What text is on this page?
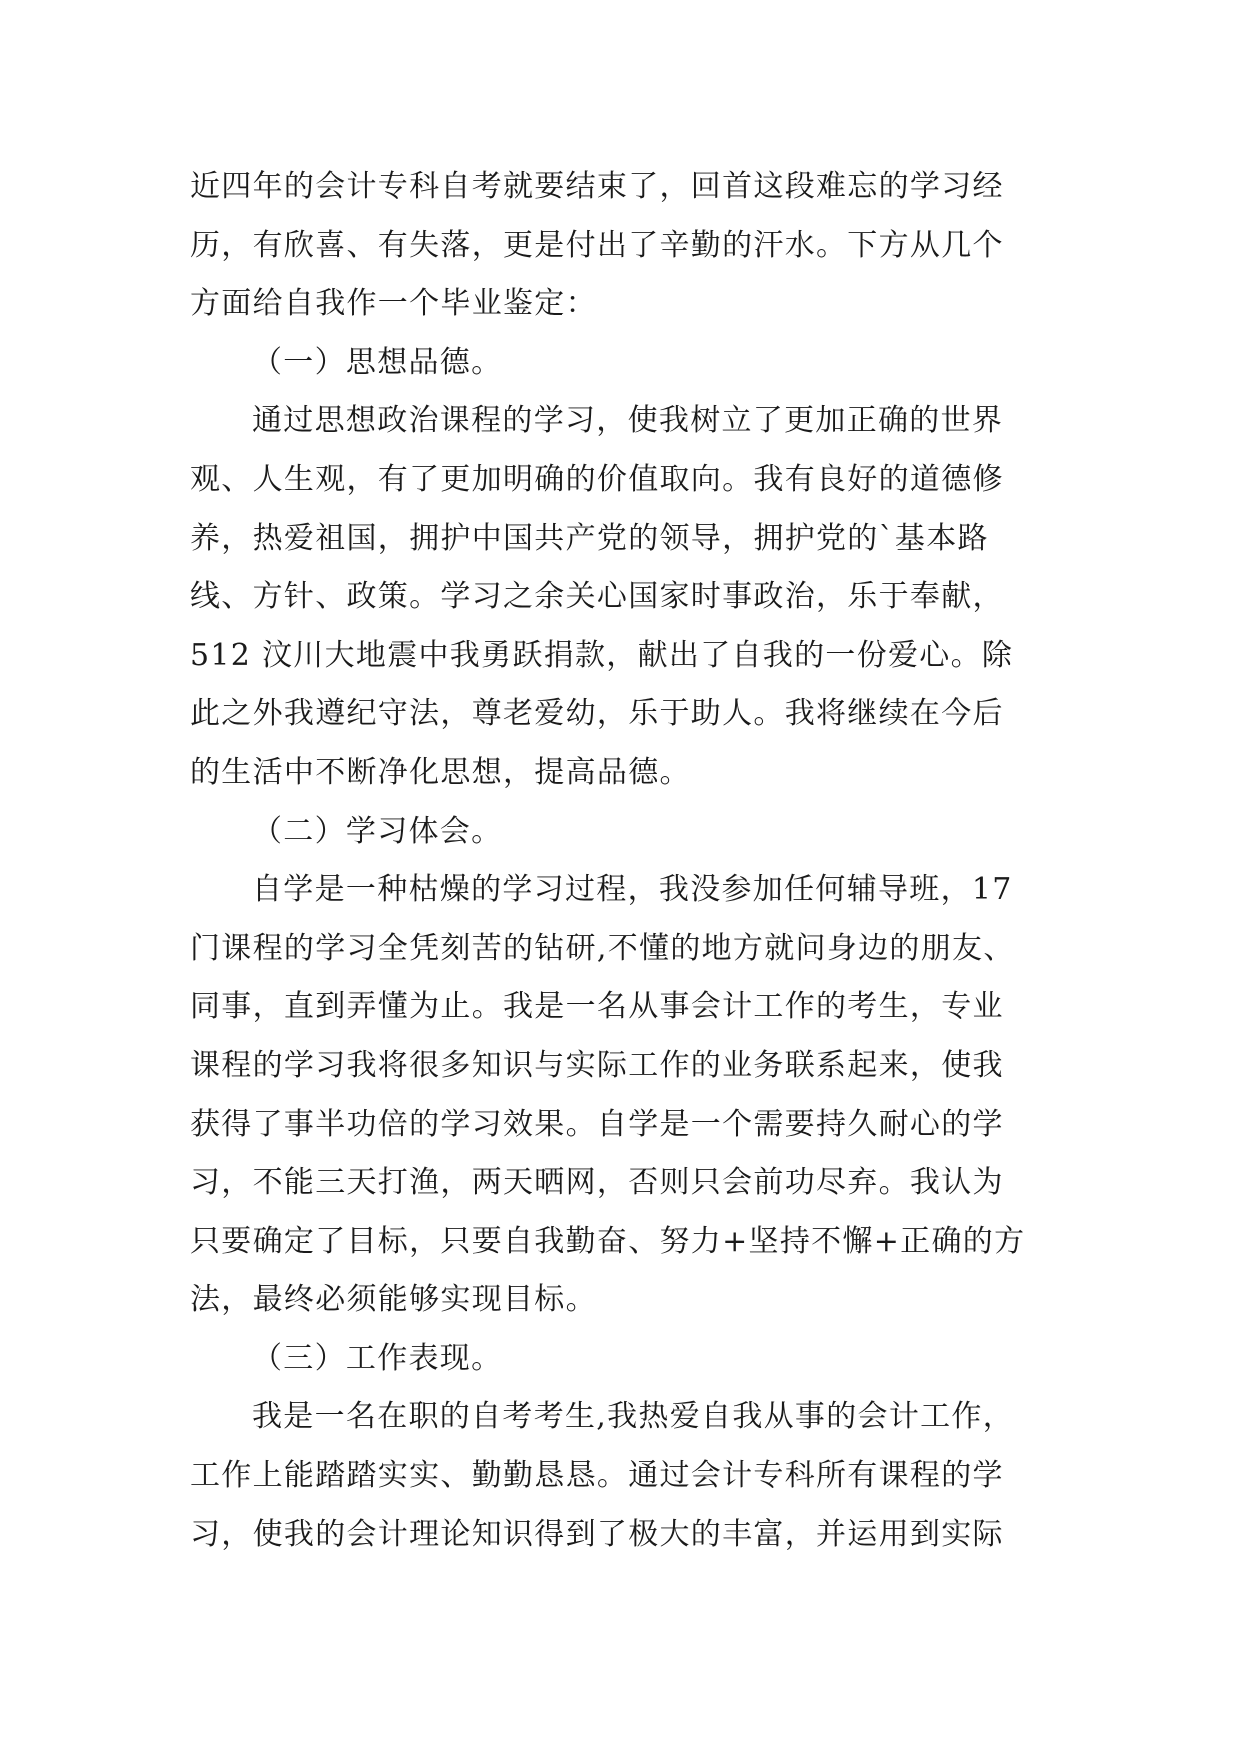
近四年的会计专科自考就要结束了，回首这段难忘的学习经
历，有欣喜、有失落，更是付出了辛勤的汗水。下方从几个
方面给自我作一个毕业鉴定：
（一）思想品德。
通过思想政治课程的学习，使我树立了更加正确的世界
观、人生观，有了更加明确的价值取向。我有良好的道德修
养，热爱祖国，拥护中国共产党的领导，拥护党的`基本路
线、方针、政策。学习之余关心国家时事政治，乐于奉献，
512 汶川大地震中我勇跃捐款，献出了自我的一份爱心。除
此之外我遵纪守法，尊老爱幼，乐于助人。我将继续在今后
的生活中不断净化思想，提高品德。
（二）学习体会。
自学是一种枯燥的学习过程，我没参加任何辅导班，17
门课程的学习全凭刻苦的钻研,不懂的地方就问身边的朋友、
同事，直到弄懂为止。我是一名从事会计工作的考生，专业
课程的学习我将很多知识与实际工作的业务联系起来，使我
获得了事半功倍的学习效果。自学是一个需要持久耐心的学
习，不能三天打渔，两天晒网，否则只会前功尽弃。我认为
只要确定了目标，只要自我勤奋、努力+坚持不懈+正确的方
法，最终必须能够实现目标。
（三）工作表现。
我是一名在职的自考考生,我热爱自我从事的会计工作，
工作上能踏踏实实、勤勤恳恳。通过会计专科所有课程的学
习，使我的会计理论知识得到了极大的丰富，并运用到实际
